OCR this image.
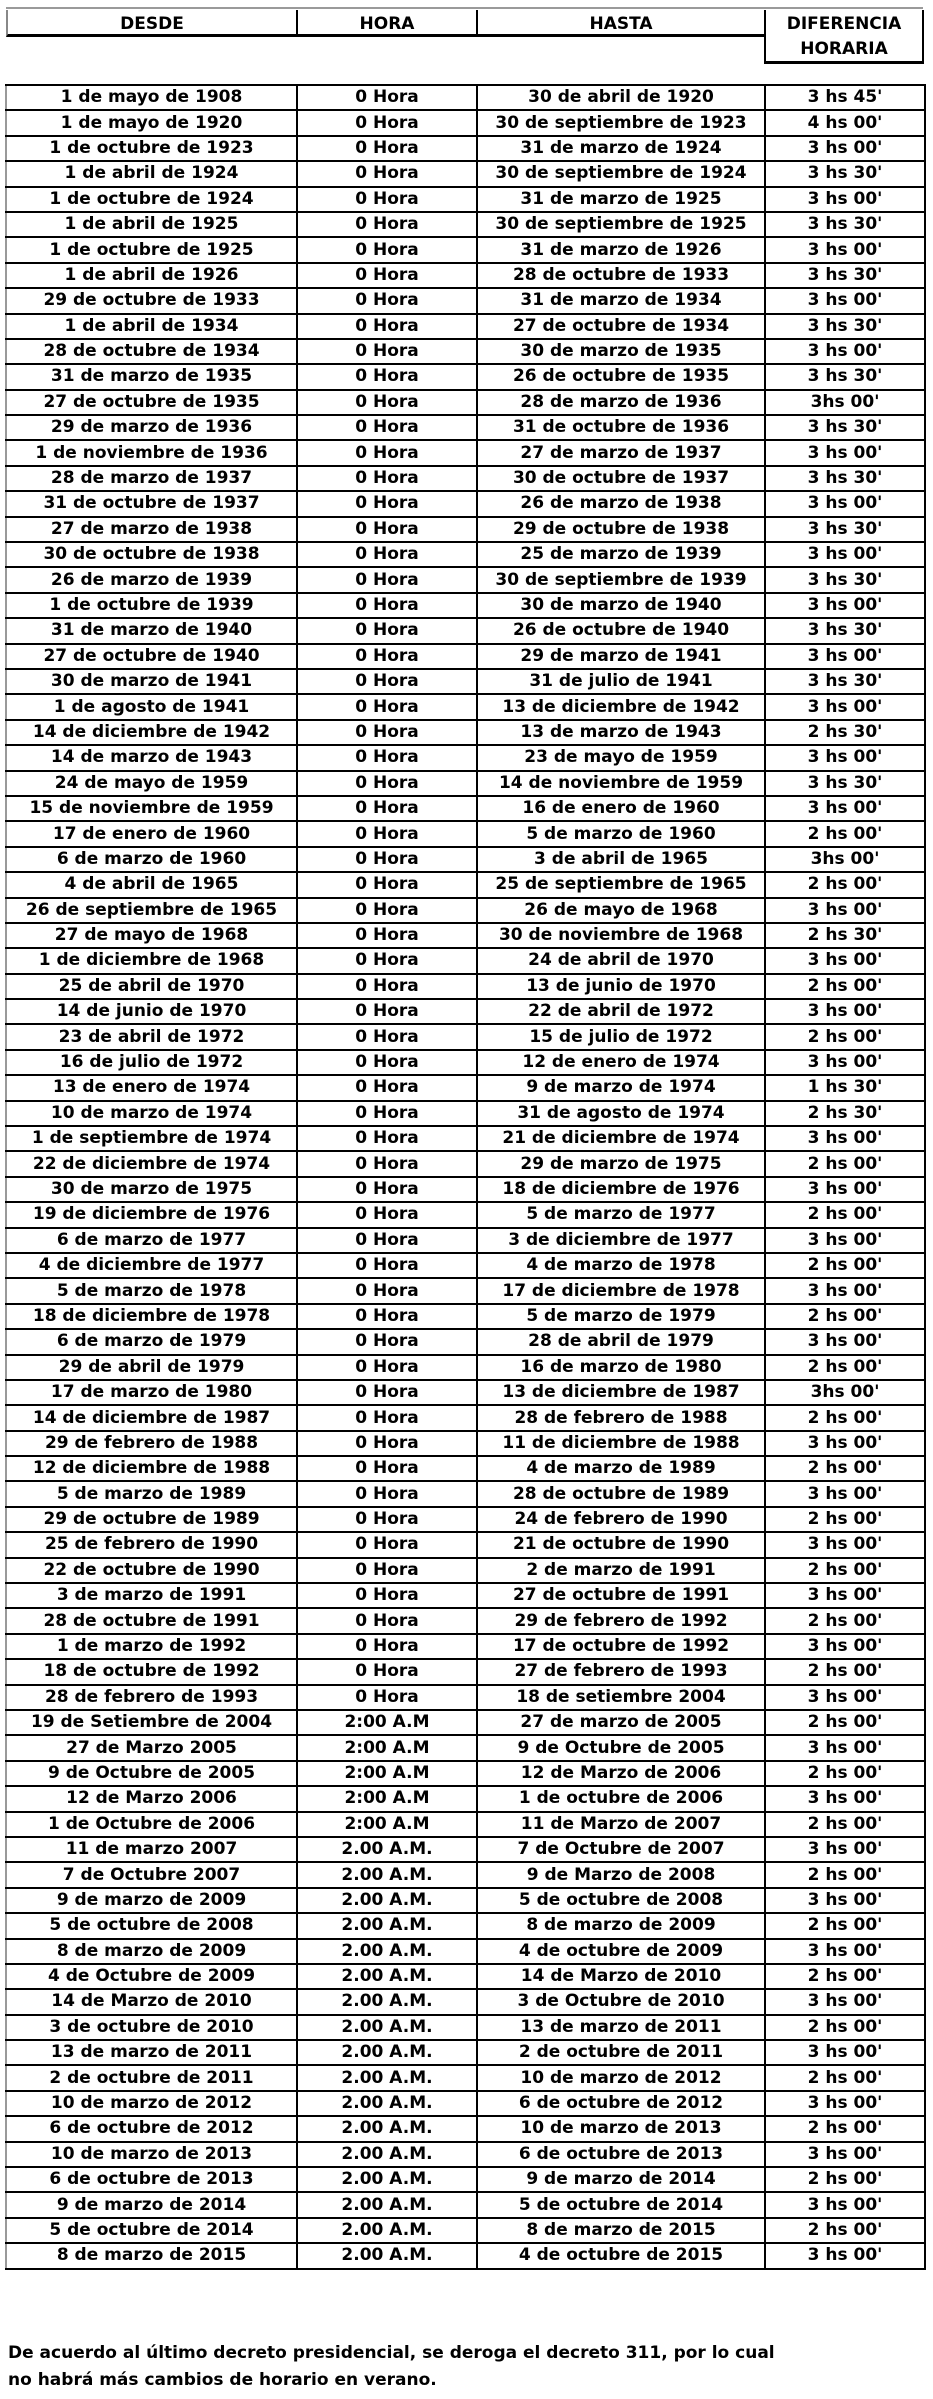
DESDE	HORA	HASTA	DIFERENCIA
HORARIA
1 de mayo de 1908	0 Hora	30 de abril de 1920	3 hs 45'
1 de mayo de 1920	0 Hora	30 de septiembre de 1923	4 hs 00'
1 de octubre de 1923	0 Hora	31 de marzo de 1924	3 hs 00'
1 de abril de 1924	0 Hora	30 de septiembre de 1924	3 hs 30'
1 de octubre de 1924	0 Hora	31 de marzo de 1925	3 hs 00'
1 de abril de 1925	0 Hora	30 de septiembre de 1925	3 hs 30'
1 de octubre de 1925	0 Hora	31 de marzo de 1926	3 hs 00'
1 de abril de 1926	0 Hora	28 de octubre de 1933	3 hs 30'
29 de octubre de 1933	0 Hora	31 de marzo de 1934	3 hs 00'
1 de abril de 1934	0 Hora	27 de octubre de 1934	3 hs 30'
28 de octubre de 1934	0 Hora	30 de marzo de 1935	3 hs 00'
31 de marzo de 1935	0 Hora	26 de octubre de 1935	3 hs 30'
27 de octubre de 1935	0 Hora	28 de marzo de 1936	3hs 00'
29 de marzo de 1936	0 Hora	31 de octubre de 1936	3 hs 30'
1 de noviembre de 1936	0 Hora	27 de marzo de 1937	3 hs 00'
28 de marzo de 1937	0 Hora	30 de octubre de 1937	3 hs 30'
31 de octubre de 1937	0 Hora	26 de marzo de 1938	3 hs 00'
27 de marzo de 1938	0 Hora	29 de octubre de 1938	3 hs 30'
30 de octubre de 1938	0 Hora	25 de marzo de 1939	3 hs 00'
26 de marzo de 1939	0 Hora	30 de septiembre de 1939	3 hs 30'
1 de octubre de 1939	0 Hora	30 de marzo de 1940	3 hs 00'
31 de marzo de 1940	0 Hora	26 de octubre de 1940	3 hs 30'
27 de octubre de 1940	0 Hora	29 de marzo de 1941	3 hs 00'
30 de marzo de 1941	0 Hora	31 de julio de 1941	3 hs 30'
1 de agosto de 1941	0 Hora	13 de diciembre de 1942	3 hs 00'
14 de diciembre de 1942	0 Hora	13 de marzo de 1943	2 hs 30'
14 de marzo de 1943	0 Hora	23 de mayo de 1959	3 hs 00'
24 de mayo de 1959	0 Hora	14 de noviembre de 1959	3 hs 30'
15 de noviembre de 1959	0 Hora	16 de enero de 1960	3 hs 00'
17 de enero de 1960	0 Hora	5 de marzo de 1960	2 hs 00'
6 de marzo de 1960	0 Hora	3 de abril de 1965	3hs 00'
4 de abril de 1965	0 Hora	25 de septiembre de 1965	2 hs 00'
26 de septiembre de 1965	0 Hora	26 de mayo de 1968	3 hs 00'
27 de mayo de 1968	0 Hora	30 de noviembre de 1968	2 hs 30'
1 de diciembre de 1968	0 Hora	24 de abril de 1970	3 hs 00'
25 de abril de 1970	0 Hora	13 de junio de 1970	2 hs 00'
14 de junio de 1970	0 Hora	22 de abril de 1972	3 hs 00'
23 de abril de 1972	0 Hora	15 de julio de 1972	2 hs 00'
16 de julio de 1972	0 Hora	12 de enero de 1974	3 hs 00'
13 de enero de 1974	0 Hora	9 de marzo de 1974	1 hs 30'
10 de marzo de 1974	0 Hora	31 de agosto de 1974	2 hs 30'
1 de septiembre de 1974	0 Hora	21 de diciembre de 1974	3 hs 00'
22 de diciembre de 1974	0 Hora	29 de marzo de 1975	2 hs 00'
30 de marzo de 1975	0 Hora	18 de diciembre de 1976	3 hs 00'
19 de diciembre de 1976	0 Hora	5 de marzo de 1977	2 hs 00'
6 de marzo de 1977	0 Hora	3 de diciembre de 1977	3 hs 00'
4 de diciembre de 1977	0 Hora	4 de marzo de 1978	2 hs 00'
5 de marzo de 1978	0 Hora	17 de diciembre de 1978	3 hs 00'
18 de diciembre de 1978	0 Hora	5 de marzo de 1979	2 hs 00'
6 de marzo de 1979	0 Hora	28 de abril de 1979	3 hs 00'
29 de abril de 1979	0 Hora	16 de marzo de 1980	2 hs 00'
17 de marzo de 1980	0 Hora	13 de diciembre de 1987	3hs 00'
14 de diciembre de 1987	0 Hora	28 de febrero de 1988	2 hs 00'
29 de febrero de 1988	0 Hora	11 de diciembre de 1988	3 hs 00'
12 de diciembre de 1988	0 Hora	4 de marzo de 1989	2 hs 00'
5 de marzo de 1989	0 Hora	28 de octubre de 1989	3 hs 00'
29 de octubre de 1989	0 Hora	24 de febrero de 1990	2 hs 00'
25 de febrero de 1990	0 Hora	21 de octubre de 1990	3 hs 00'
22 de octubre de 1990	0 Hora	2 de marzo de 1991	2 hs 00'
3 de marzo de 1991	0 Hora	27 de octubre de 1991	3 hs 00'
28 de octubre de 1991	0 Hora	29 de febrero de 1992	2 hs 00'
1 de marzo de 1992	0 Hora	17 de octubre de 1992	3 hs 00'
18 de octubre de 1992	0 Hora	27 de febrero de 1993	2 hs 00'
28 de febrero de 1993	0 Hora	18 de setiembre 2004	3 hs 00'
19 de Setiembre de 2004	2:00 A.M	27 de marzo de 2005	2 hs 00'
27 de Marzo 2005	2:00 A.M	9 de Octubre de 2005	3 hs 00'
9 de Octubre de 2005	2:00 A.M	12 de Marzo de 2006	2 hs 00'
12 de Marzo 2006	2:00 A.M	1 de octubre de 2006	3 hs 00'
1 de Octubre de 2006	2:00 A.M	11 de Marzo de 2007	2 hs 00'
11 de marzo 2007	2.00 A.M.	7 de Octubre de 2007	3 hs 00'
7 de Octubre 2007	2.00 A.M.	9 de Marzo de 2008	2 hs 00'
9 de marzo de 2009	2.00 A.M.	5 de octubre de 2008	3 hs 00'
5 de octubre de 2008	2.00 A.M.	8 de marzo de 2009	2 hs 00'
8 de marzo de 2009	2.00 A.M.	4 de octubre de 2009	3 hs 00'
4 de Octubre de 2009	2.00 A.M.	14 de Marzo de 2010	2 hs 00'
14 de Marzo de 2010	2.00 A.M.	3 de Octubre de 2010	3 hs 00'
3 de octubre de 2010	2.00 A.M.	13 de marzo de 2011	2 hs 00'
13 de marzo de 2011	2.00 A.M.	2 de octubre de 2011	3 hs 00'
2 de octubre de 2011	2.00 A.M.	10 de marzo de 2012	2 hs 00'
10 de marzo de 2012	2.00 A.M.	6 de octubre de 2012	3 hs 00'
6 de octubre de 2012	2.00 A.M.	10 de marzo de 2013	2 hs 00'
10 de marzo de 2013	2.00 A.M.	6 de octubre de 2013	3 hs 00'
6 de octubre de 2013	2.00 A.M.	9 de marzo de 2014	2 hs 00'
9 de marzo de 2014	2.00 A.M.	5 de octubre de 2014	3 hs 00'
5 de octubre de 2014	2.00 A.M.	8 de marzo de 2015	2 hs 00'
8 de marzo de 2015	2.00 A.M.	4 de octubre de 2015	3 hs 00'

De acuerdo al último decreto presidencial, se deroga el decreto 311, por lo cual

no habrá más cambios de horario en verano.
